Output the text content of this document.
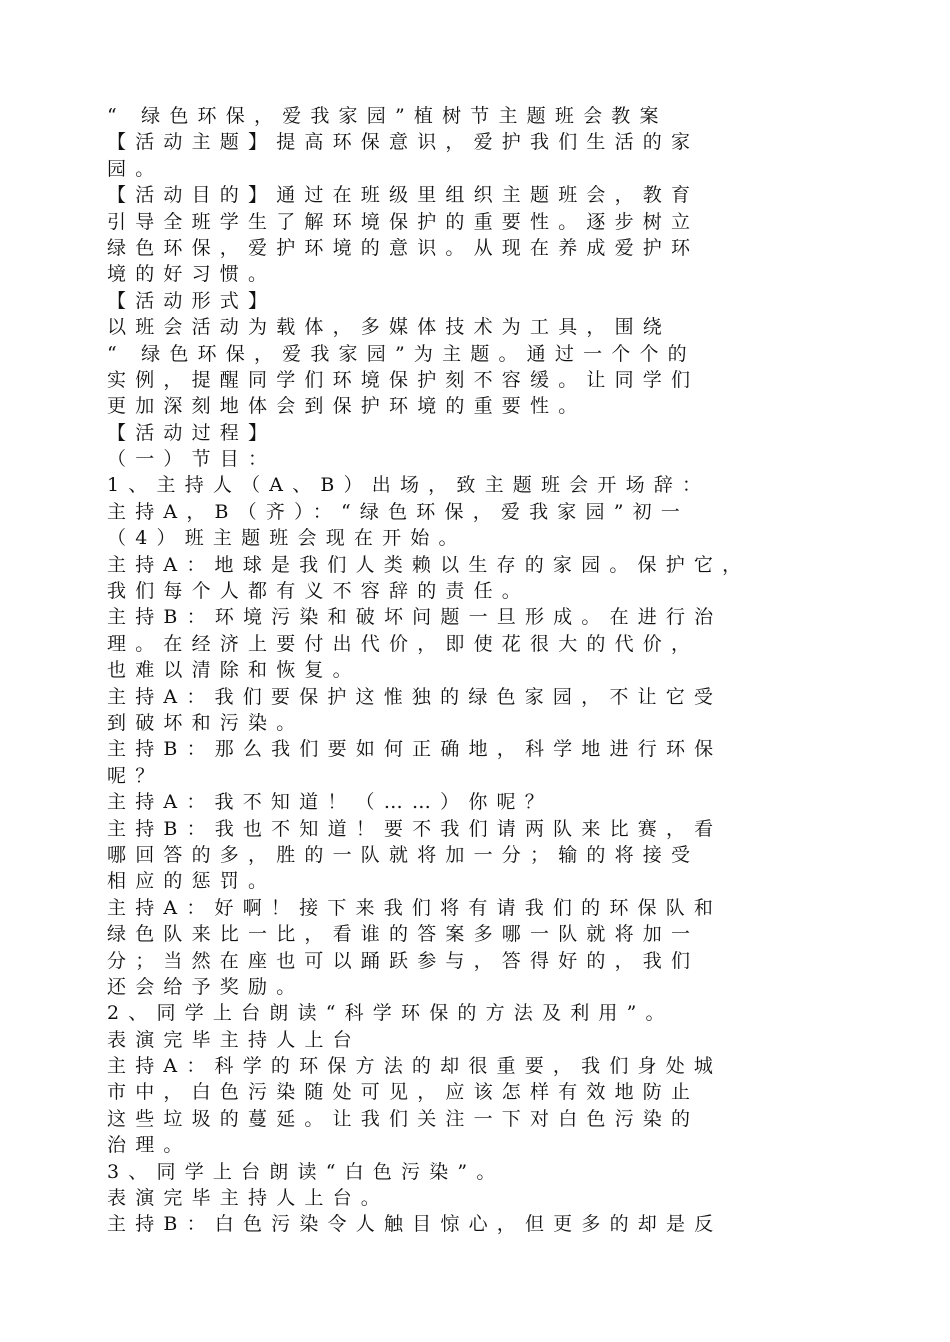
“ 绿色环保，爱我家园”植树节主题班会教案
【活动主题】提高环保意识，爱护我们生活的家
园。
【活动目的】通过在班级里组织主题班会，教育
引导全班学生了解环境保护的重要性。逐步树立
绿色环保，爱护环境的意识。从现在养成爱护环
境的好习惯。
【活动形式】
以班会活动为载体，多媒体技术为工具，围绕
“ 绿色环保，爱我家园”为主题。通过一个个的
实例，提醒同学们环境保护刻不容缓。让同学们
更加深刻地体会到保护环境的重要性。
【活动过程】
（一）节目：
1、主持人（A、B）出场，致主题班会开场辞：
主持A，B（齐）：“绿色环保，爱我家园”初一
（4）班主题班会现在开始。
主持A：地球是我们人类赖以生存的家园。保护它，
我们每个人都有义不容辞的责任。
主持B：环境污染和破坏问题一旦形成。在进行治
理。在经济上要付出代价，即使花很大的代价，
也难以清除和恢复。
主持A：我们要保护这惟独的绿色家园，不让它受
到破坏和污染。
主持B：那么我们要如何正确地，科学地进行环保
呢？
主持A：我不知道！（……）你呢？
主持B：我也不知道！要不我们请两队来比赛，看
哪回答的多，胜的一队就将加一分；输的将接受
相应的惩罚。
主持A：好啊！接下来我们将有请我们的环保队和
绿色队来比一比，看谁的答案多哪一队就将加一
分；当然在座也可以踊跃参与，答得好的，我们
还会给予奖励。
2、同学上台朗读“科学环保的方法及利用”。
表演完毕主持人上台
主持A：科学的环保方法的却很重要，我们身处城
市中，白色污染随处可见，应该怎样有效地防止
这些垃圾的蔓延。让我们关注一下对白色污染的
治理。
3、同学上台朗读“白色污染”。
表演完毕主持人上台。
主持B：白色污染令人触目惊心，但更多的却是反
